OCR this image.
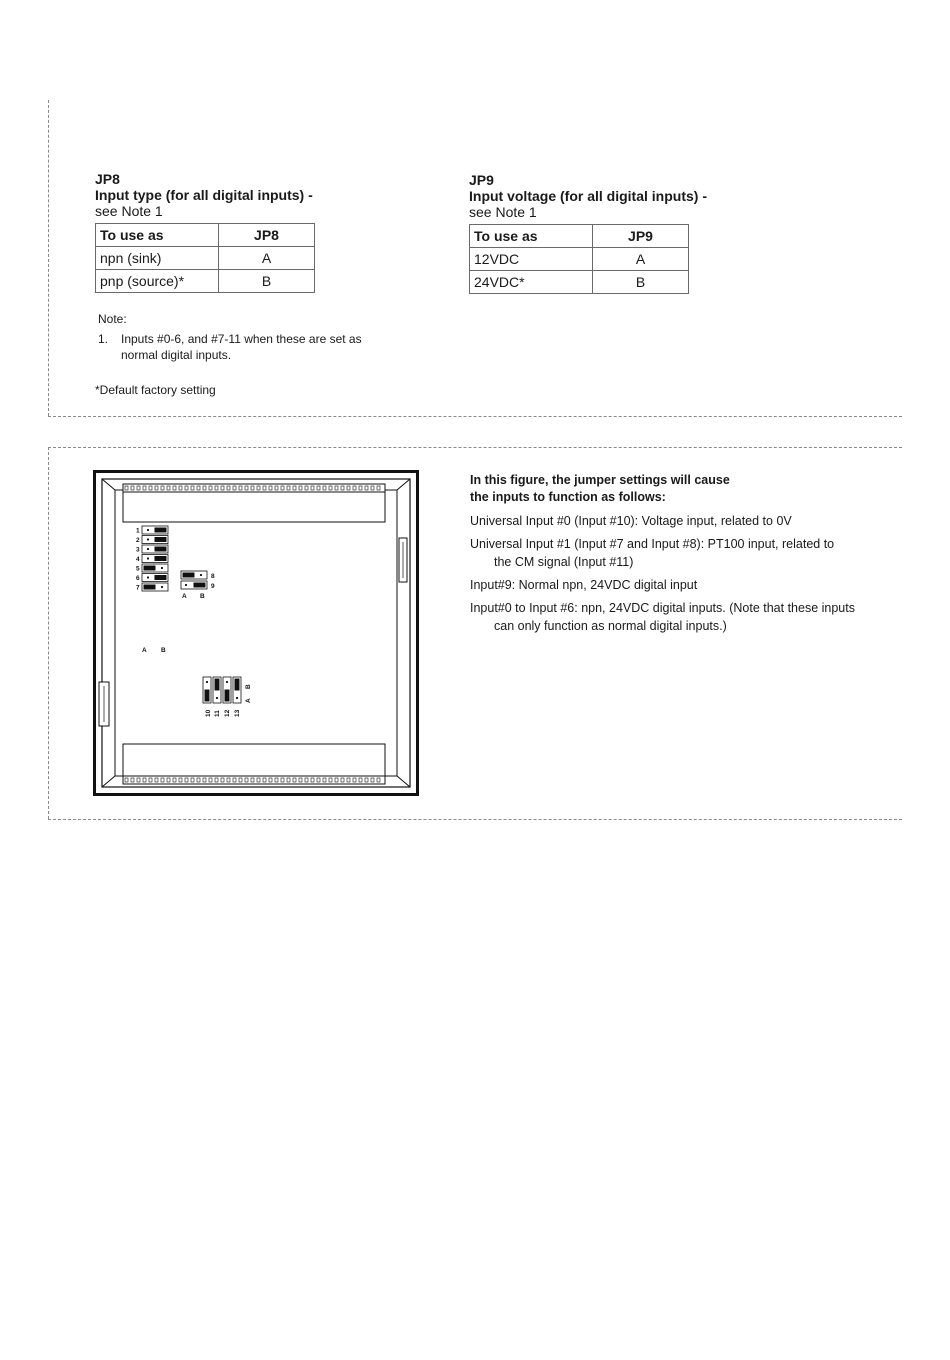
JP8
Input type (for all digital inputs) -
see Note 1
To use as	JP8
npn (sink)	A
pnp (source)*	B
JP9
Input voltage (for all digital inputs) -
see Note 1
To use as	JP9
12VDC	A
24VDC*	B
Note:
1. Inputs #0-6, and #7-11 when these are set as
normal digital inputs.
*Default factory setting
1
2
3
4
5
6
7
A B
8
9
A B
10 11 12 13
B
A
In this figure, the jumper settings will cause
the inputs to function as follows:
Universal Input #0 (Input #10): Voltage input, related to 0V
Universal Input #1 (Input #7 and Input #8): PT100 input, related to
the CM signal (Input #11)
Input#9: Normal npn, 24VDC digital input
Input#0 to Input #6: npn, 24VDC digital inputs. (Note that these inputs
can only function as normal digital inputs.)
